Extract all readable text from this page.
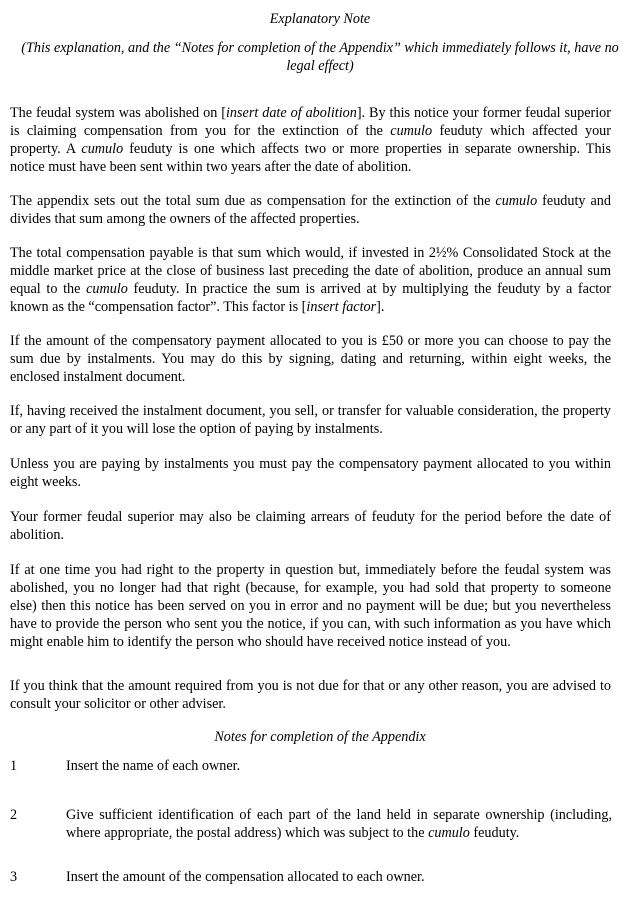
Explanatory Note
(This explanation, and the “Notes for completion of the Appendix” which immediately follows it, have no legal effect)

The feudal system was abolished on [insert date of abolition]. By this notice your former feudal superior is claiming compensation from you for the extinction of the cumulo feuduty which affected your property. A cumulo feuduty is one which affects two or more properties in separate ownership. This notice must have been sent within two years after the date of abolition.

The appendix sets out the total sum due as compensation for the extinction of the cumulo feuduty and divides that sum among the owners of the affected properties.

The total compensation payable is that sum which would, if invested in 2½% Consolidated Stock at the middle market price at the close of business last preceding the date of abolition, produce an annual sum equal to the cumulo feuduty. In practice the sum is arrived at by multiplying the feuduty by a factor known as the “compensation factor”. This factor is [insert factor].

If the amount of the compensatory payment allocated to you is £50 or more you can choose to pay the sum due by instalments. You may do this by signing, dating and returning, within eight weeks, the enclosed instalment document.

If, having received the instalment document, you sell, or transfer for valuable consideration, the property or any part of it you will lose the option of paying by instalments.

Unless you are paying by instalments you must pay the compensatory payment allocated to you within eight weeks.

Your former feudal superior may also be claiming arrears of feuduty for the period before the date of abolition.

If at one time you had right to the property in question but, immediately before the feudal system was abolished, you no longer had that right (because, for example, you had sold that property to someone else) then this notice has been served on you in error and no payment will be due; but you nevertheless have to provide the person who sent you the notice, if you can, with such information as you have which might enable him to identify the person who should have received notice instead of you.

If you think that the amount required from you is not due for that or any other reason, you are advised to consult your solicitor or other adviser.

Notes for completion of the Appendix
1	Insert the name of each owner.

2	Give sufficient identification of each part of the land held in separate ownership (including, where appropriate, the postal address) which was subject to the cumulo feuduty.

3	Insert the amount of the compensation allocated to each owner.
